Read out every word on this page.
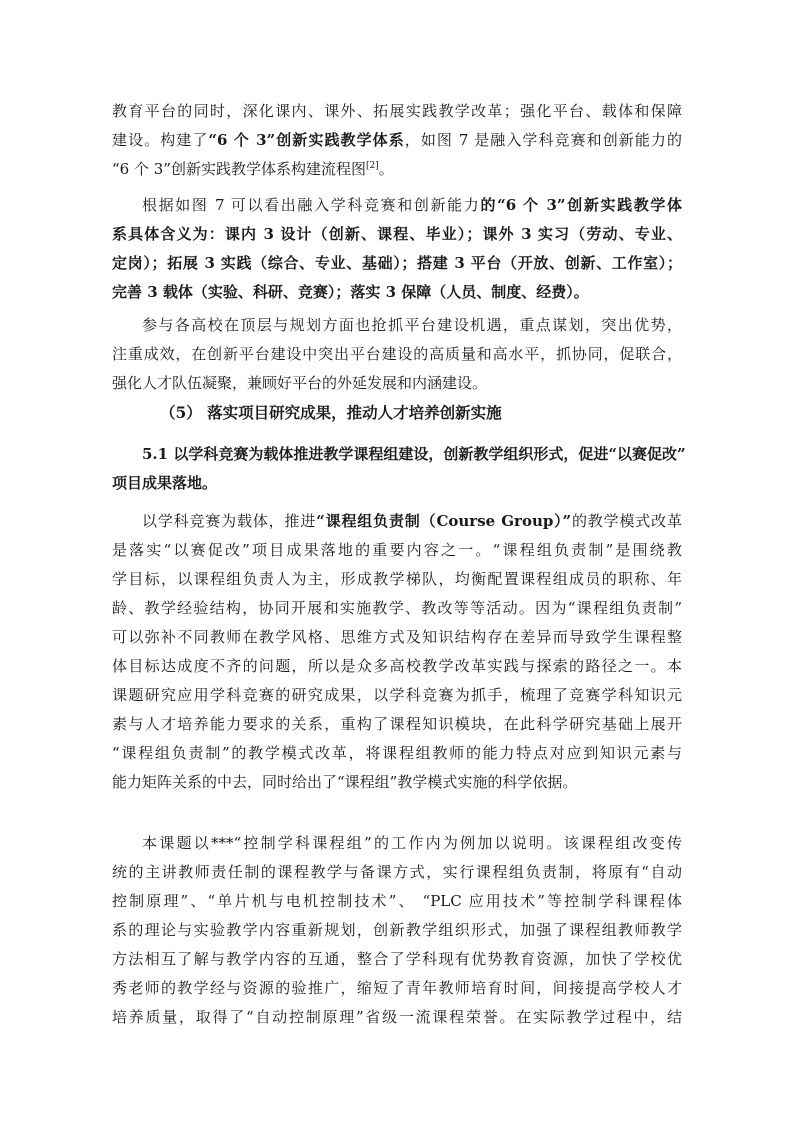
教育平台的同时，深化课内、课外、拓展实践教学改革；强化平台、载体和保障
建设。构建了“6 个 3”创新实践教学体系，如图 7 是融入学科竞赛和创新能力的
“6 个 3”创新实践教学体系构建流程图[2]。
根据如图 7 可以看出融入学科竞赛和创新能力的“6 个 3”创新实践教学体
系具体含义为：课内 3 设计（创新、课程、毕业）；课外 3 实习（劳动、专业、
定岗）；拓展 3 实践（综合、专业、基础）；搭建 3 平台（开放、创新、工作室）；
完善 3 载体（实验、科研、竞赛）；落实 3 保障（人员、制度、经费）。
参与各高校在顶层与规划方面也抢抓平台建设机遇，重点谋划，突出优势，
注重成效，在创新平台建设中突出平台建设的高质量和高水平，抓协同，促联合，
强化人才队伍凝聚，兼顾好平台的外延发展和内涵建设。
（5） 落实项目研究成果，推动人才培养创新实施
5.1 以学科竞赛为载体推进教学课程组建设，创新教学组织形式，促进“以赛促改”
项目成果落地。
以学科竞赛为载体，推进“课程组负责制（Course Group）”的教学模式改革
是落实“以赛促改”项目成果落地的重要内容之一。“课程组负责制”是围绕教
学目标，以课程组负责人为主，形成教学梯队，均衡配置课程组成员的职称、年
龄、教学经验结构，协同开展和实施教学、教改等等活动。因为“课程组负责制”
可以弥补不同教师在教学风格、思维方式及知识结构存在差异而导致学生课程整
体目标达成度不齐的问题，所以是众多高校教学改革实践与探索的路径之一。本
课题研究应用学科竞赛的研究成果，以学科竞赛为抓手，梳理了竞赛学科知识元
素与人才培养能力要求的关系，重构了课程知识模块，在此科学研究基础上展开
“课程组负责制”的教学模式改革，将课程组教师的能力特点对应到知识元素与
能力矩阵关系的中去，同时给出了“课程组”教学模式实施的科学依据。
本课题以***“控制学科课程组”的工作内为例加以说明。该课程组改变传
统的主讲教师责任制的课程教学与备课方式，实行课程组负责制，将原有“自动
控制原理”、“单片机与电机控制技术”、 “PLC 应用技术”等控制学科课程体
系的理论与实验教学内容重新规划，创新教学组织形式，加强了课程组教师教学
方法相互了解与教学内容的互通，整合了学科现有优势教育资源，加快了学校优
秀老师的教学经与资源的验推广，缩短了青年教师培育时间，间接提高学校人才
培养质量，取得了“自动控制原理”省级一流课程荣誉。在实际教学过程中，结
